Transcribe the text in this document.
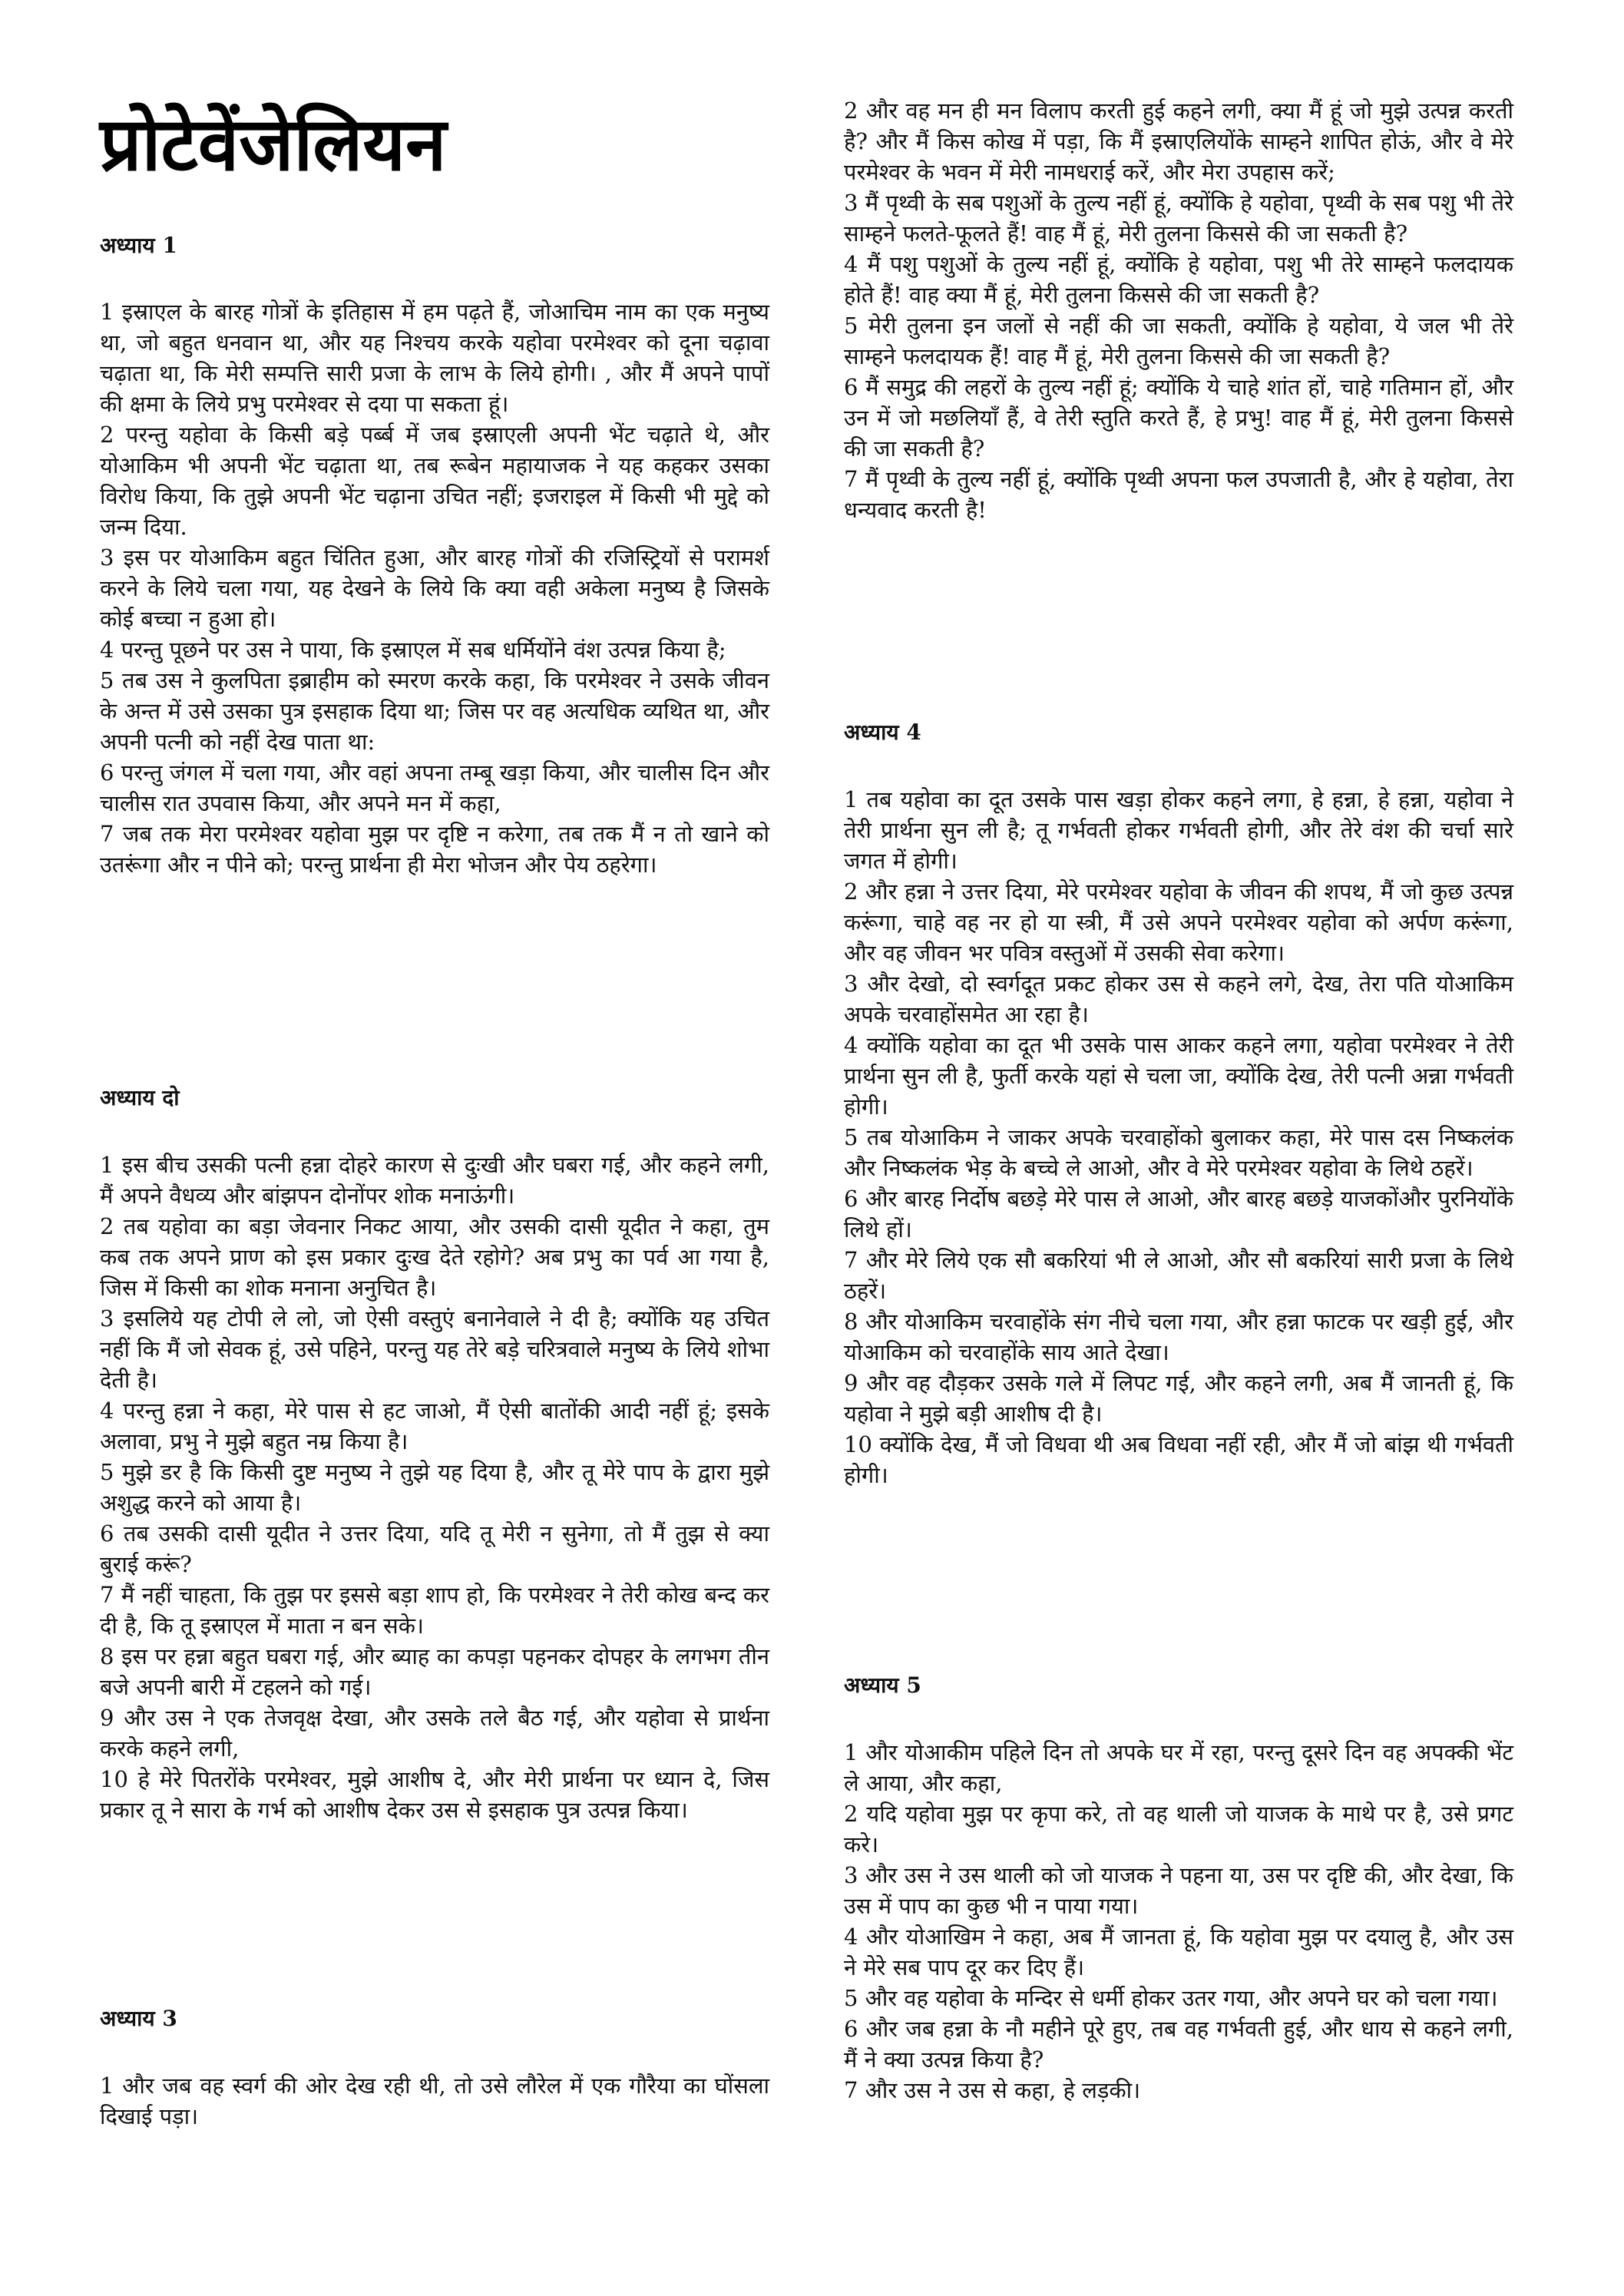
प्रोटेवेंजेलियन
अध्याय 1

1 इस्राएल के बारह गोत्रों के इतिहास में हम पढ़ते हैं, जोआचिम नाम का एक मनुष्य था, जो बहुत धनवान था, और यह निश्चय करके यहोवा परमेश्वर को दूना चढ़ावा चढ़ाता था, कि मेरी सम्पत्ति सारी प्रजा के लाभ के लिये होगी। , और मैं अपने पापों की क्षमा के लिये प्रभु परमेश्वर से दया पा सकता हूं।

2 परन्तु यहोवा के किसी बड़े पर्ब्ब में जब इस्राएली अपनी भेंट चढ़ाते थे, और योआकिम भी अपनी भेंट चढ़ाता था, तब रूबेन महायाजक ने यह कहकर उसका विरोध किया, कि तुझे अपनी भेंट चढ़ाना उचित नहीं; इजराइल में किसी भी मुद्दे को जन्म दिया.

3 इस पर योआकिम बहुत चिंतित हुआ, और बारह गोत्रों की रजिस्ट्रियों से परामर्श करने के लिये चला गया, यह देखने के लिये कि क्या वही अकेला मनुष्य है जिसके कोई बच्चा न हुआ हो।

4 परन्तु पूछने पर उस ने पाया, कि इस्राएल में सब धर्मियोंने वंश उत्पन्न किया है;

5 तब उस ने कुलपिता इब्राहीम को स्मरण करके कहा, कि परमेश्वर ने उसके जीवन के अन्त में उसे उसका पुत्र इसहाक दिया था; जिस पर वह अत्यधिक व्यथित था, और अपनी पत्नी को नहीं देख पाता था:

6 परन्तु जंगल में चला गया, और वहां अपना तम्बू खड़ा किया, और चालीस दिन और चालीस रात उपवास किया, और अपने मन में कहा,

7 जब तक मेरा परमेश्वर यहोवा मुझ पर दृष्टि न करेगा, तब तक मैं न तो खाने को उतरूंगा और न पीने को; परन्तु प्रार्थना ही मेरा भोजन और पेय ठहरेगा।

अध्याय दो

1 इस बीच उसकी पत्नी हन्ना दोहरे कारण से दुःखी और घबरा गई, और कहने लगी, मैं अपने वैधव्य और बांझपन दोनोंपर शोक मनाऊंगी।

2 तब यहोवा का बड़ा जेवनार निकट आया, और उसकी दासी यूदीत ने कहा, तुम कब तक अपने प्राण को इस प्रकार दुःख देते रहोगे? अब प्रभु का पर्व आ गया है, जिस में किसी का शोक मनाना अनुचित है।

3 इसलिये यह टोपी ले लो, जो ऐसी वस्तुएं बनानेवाले ने दी है; क्योंकि यह उचित नहीं कि मैं जो सेवक हूं, उसे पहिने, परन्तु यह तेरे बड़े चरित्रवाले मनुष्य के लिये शोभा देती है।

4 परन्तु हन्ना ने कहा, मेरे पास से हट जाओ, मैं ऐसी बातोंकी आदी नहीं हूं; इसके अलावा, प्रभु ने मुझे बहुत नम्र किया है।

5 मुझे डर है कि किसी दुष्ट मनुष्य ने तुझे यह दिया है, और तू मेरे पाप के द्वारा मुझे अशुद्ध करने को आया है।

6 तब उसकी दासी यूदीत ने उत्तर दिया, यदि तू मेरी न सुनेगा, तो मैं तुझ से क्या बुराई करूं?

7 मैं नहीं चाहता, कि तुझ पर इससे बड़ा शाप हो, कि परमेश्वर ने तेरी कोख बन्द कर दी है, कि तू इस्राएल में माता न बन सके।

8 इस पर हन्ना बहुत घबरा गई, और ब्याह का कपड़ा पहनकर दोपहर के लगभग तीन बजे अपनी बारी में टहलने को गई।

9 और उस ने एक तेजवृक्ष देखा, और उसके तले बैठ गई, और यहोवा से प्रार्थना करके कहने लगी,

10 हे मेरे पितरोंके परमेश्वर, मुझे आशीष दे, और मेरी प्रार्थना पर ध्यान दे, जिस प्रकार तू ने सारा के गर्भ को आशीष देकर उस से इसहाक पुत्र उत्पन्न किया।

अध्याय 3

1 और जब वह स्वर्ग की ओर देख रही थी, तो उसे लौरेल में एक गौरैया का घोंसला दिखाई पड़ा।

2 और वह मन ही मन विलाप करती हुई कहने लगी, क्या मैं हूं जो मुझे उत्पन्न करती है? और मैं किस कोख में पड़ा, कि मैं इस्राएलियोंके साम्हने शापित होऊं, और वे मेरे परमेश्वर के भवन में मेरी नामधराई करें, और मेरा उपहास करें;

3 मैं पृथ्वी के सब पशुओं के तुल्य नहीं हूं, क्योंकि हे यहोवा, पृथ्वी के सब पशु भी तेरे साम्हने फलते-फूलते हैं! वाह मैं हूं, मेरी तुलना किससे की जा सकती है?

4 मैं पशु पशुओं के तुल्य नहीं हूं, क्योंकि हे यहोवा, पशु भी तेरे साम्हने फलदायक होते हैं! वाह क्या मैं हूं, मेरी तुलना किससे की जा सकती है?

5 मेरी तुलना इन जलों से नहीं की जा सकती, क्योंकि हे यहोवा, ये जल भी तेरे साम्हने फलदायक हैं! वाह मैं हूं, मेरी तुलना किससे की जा सकती है?

6 मैं समुद्र की लहरों के तुल्य नहीं हूं; क्योंकि ये चाहे शांत हों, चाहे गतिमान हों, और उन में जो मछलियाँ हैं, वे तेरी स्तुति करते हैं, हे प्रभु! वाह मैं हूं, मेरी तुलना किससे की जा सकती है?

7 मैं पृथ्वी के तुल्य नहीं हूं, क्योंकि पृथ्वी अपना फल उपजाती है, और हे यहोवा, तेरा धन्यवाद करती है!

अध्याय 4

1 तब यहोवा का दूत उसके पास खड़ा होकर कहने लगा, हे हन्ना, हे हन्ना, यहोवा ने तेरी प्रार्थना सुन ली है; तू गर्भवती होकर गर्भवती होगी, और तेरे वंश की चर्चा सारे जगत में होगी।

2 और हन्ना ने उत्तर दिया, मेरे परमेश्वर यहोवा के जीवन की शपथ, मैं जो कुछ उत्पन्न करूंगा, चाहे वह नर हो या स्त्री, मैं उसे अपने परमेश्वर यहोवा को अर्पण करूंगा, और वह जीवन भर पवित्र वस्तुओं में उसकी सेवा करेगा।

3 और देखो, दो स्वर्गदूत प्रकट होकर उस से कहने लगे, देख, तेरा पति योआकिम अपके चरवाहोंसमेत आ रहा है।

4 क्योंकि यहोवा का दूत भी उसके पास आकर कहने लगा, यहोवा परमेश्वर ने तेरी प्रार्थना सुन ली है, फुर्ती करके यहां से चला जा, क्योंकि देख, तेरी पत्नी अन्ना गर्भवती होगी।

5 तब योआकिम ने जाकर अपके चरवाहोंको बुलाकर कहा, मेरे पास दस निष्कलंक और निष्कलंक भेड़ के बच्चे ले आओ, और वे मेरे परमेश्वर यहोवा के लिथे ठहरें।

6 और बारह निर्दोष बछड़े मेरे पास ले आओ, और बारह बछड़े याजकोंऔर पुरनियोंके लिथे हों।

7 और मेरे लिये एक सौ बकरियां भी ले आओ, और सौ बकरियां सारी प्रजा के लिथे ठहरें।

8 और योआकिम चरवाहोंके संग नीचे चला गया, और हन्ना फाटक पर खड़ी हुई, और योआकिम को चरवाहोंके साय आते देखा।

9 और वह दौड़कर उसके गले में लिपट गई, और कहने लगी, अब मैं जानती हूं, कि यहोवा ने मुझे बड़ी आशीष दी है।

10 क्योंकि देख, मैं जो विधवा थी अब विधवा नहीं रही, और मैं जो बांझ थी गर्भवती होगी।

अध्याय 5

1 और योआकीम पहिले दिन तो अपके घर में रहा, परन्तु दूसरे दिन वह अपक्की भेंट ले आया, और कहा,

2 यदि यहोवा मुझ पर कृपा करे, तो वह थाली जो याजक के माथे पर है, उसे प्रगट करे।

3 और उस ने उस थाली को जो याजक ने पहना या, उस पर दृष्टि की, और देखा, कि उस में पाप का कुछ भी न पाया गया।

4 और योआखिम ने कहा, अब मैं जानता हूं, कि यहोवा मुझ पर दयालु है, और उस ने मेरे सब पाप दूर कर दिए हैं।

5 और वह यहोवा के मन्दिर से धर्मी होकर उतर गया, और अपने घर को चला गया।

6 और जब हन्ना के नौ महीने पूरे हुए, तब वह गर्भवती हुई, और धाय से कहने लगी, मैं ने क्या उत्पन्न किया है?

7 और उस ने उस से कहा, हे लड़की।
